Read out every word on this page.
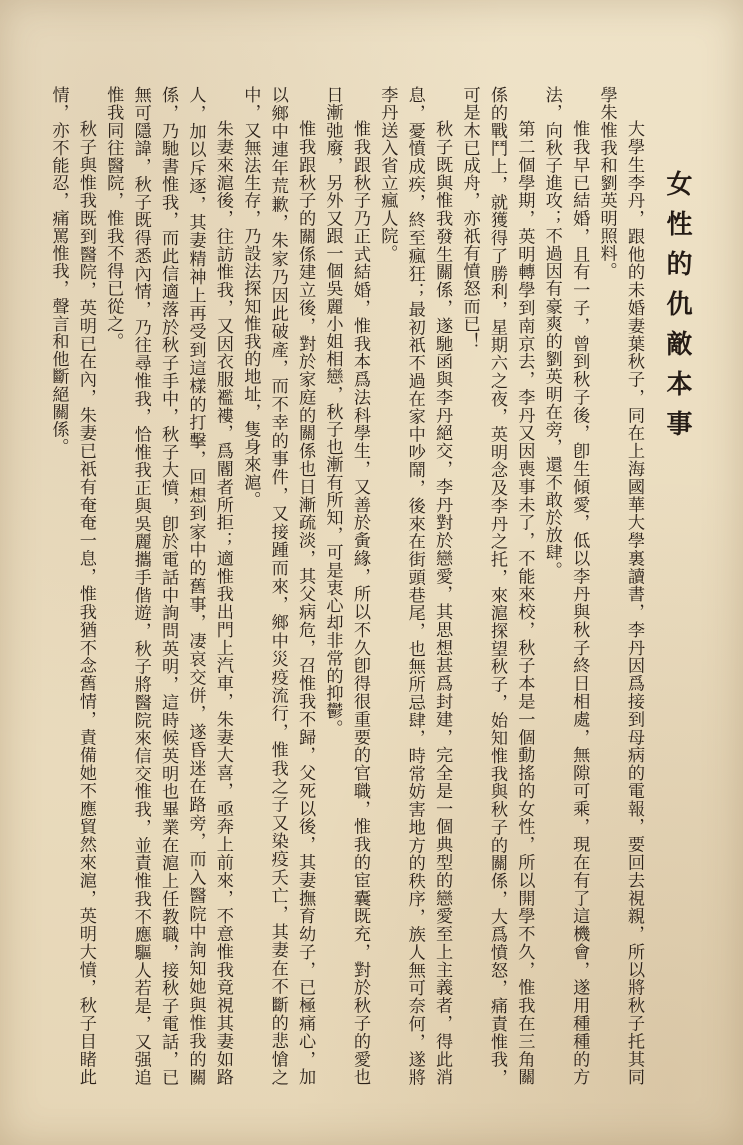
女性的仇敵本事

大學生李丹，跟他的未婚妻葉秋子，同在上海國華大學裏讀書，李丹因爲接到母病的電報，要回去視親，所以將秋子托其同學朱惟我和劉英明照料。

惟我早已結婚，且有一子，曾到秋子後，卽生傾愛，低以李丹與秋子終日相處，無隙可乘，現在有了這機會，遂用種種的方法，向秋子進攻；不過因有豪爽的劉英明在旁，還不敢於放肆。

第二個學期，英明轉學到南京去，李丹又因喪事未了，不能來校，秋子本是一個動搖的女性，所以開學不久，惟我在三角關係的戰鬥上，就獲得了勝利，星期六之夜，英明念及李丹之托，來滬探望秋子，始知惟我與秋子的關係，大爲憤怒，痛責惟我，可是木已成舟，亦祇有憤怒而已！

秋子既與惟我發生關係，遂馳函與李丹絕交，李丹對於戀愛，其思想甚爲封建，完全是一個典型的戀愛至上主義者，得此消息，憂憤成疾，終至瘋狂；最初祇不過在家中吵鬧，後來在街頭巷尾，也無所忌肆，時常妨害地方的秩序，族人無可奈何，遂將李丹送入省立瘋人院。

惟我跟秋子乃正式結婚，惟我本爲法科學生，又善於夤緣，所以不久卽得很重要的官職，惟我的宦囊既充，對於秋子的愛也日漸弛廢，另外又跟一個吳麗小姐相戀，秋子也漸有所知，可是衷心却非常的抑鬱。

惟我跟秋子的關係建立後，對於家庭的關係也日漸疏淡，其父病危，召惟我不歸，父死以後，其妻撫育幼子，已極痛心，加以鄉中連年荒歉，朱家乃因此破產，而不幸的事件，又接踵而來，鄉中災疫流行，惟我之子又染疫夭亡，其妻在不斷的悲愴之中，又無法生存，乃設法探知惟我的地址，隻身來滬。

朱妻來滬後，往訪惟我，又因衣服襤褸，爲閽者所拒；適惟我出門上汽車，朱妻大喜，亟奔上前來，不意惟我竟視其妻如路人，加以斥逐，其妻精神上再受到這樣的打擊，回想到家中的舊事，凄哀交併，遂昏迷在路旁，而入醫院中詢知她與惟我的關係，乃馳書惟我，而此信適落於秋子手中，秋子大憤，卽於電話中詢問英明，這時候英明也畢業在滬上任教職，接秋子電話，已無可隱諱，秋子既得悉內情，乃往尋惟我，恰惟我正與吳麗攜手偕遊，秋子將醫院來信交惟我，並責惟我不應驅人若是，又强追惟我同往醫院，惟我不得已從之。

秋子與惟我既到醫院，英明已在內，朱妻已祇有奄奄一息，惟我猶不念舊情，責備她不應貿然來滬，英明大憤，秋子目睹此情，亦不能忍，痛罵惟我，聲言和他斷絕關係。
